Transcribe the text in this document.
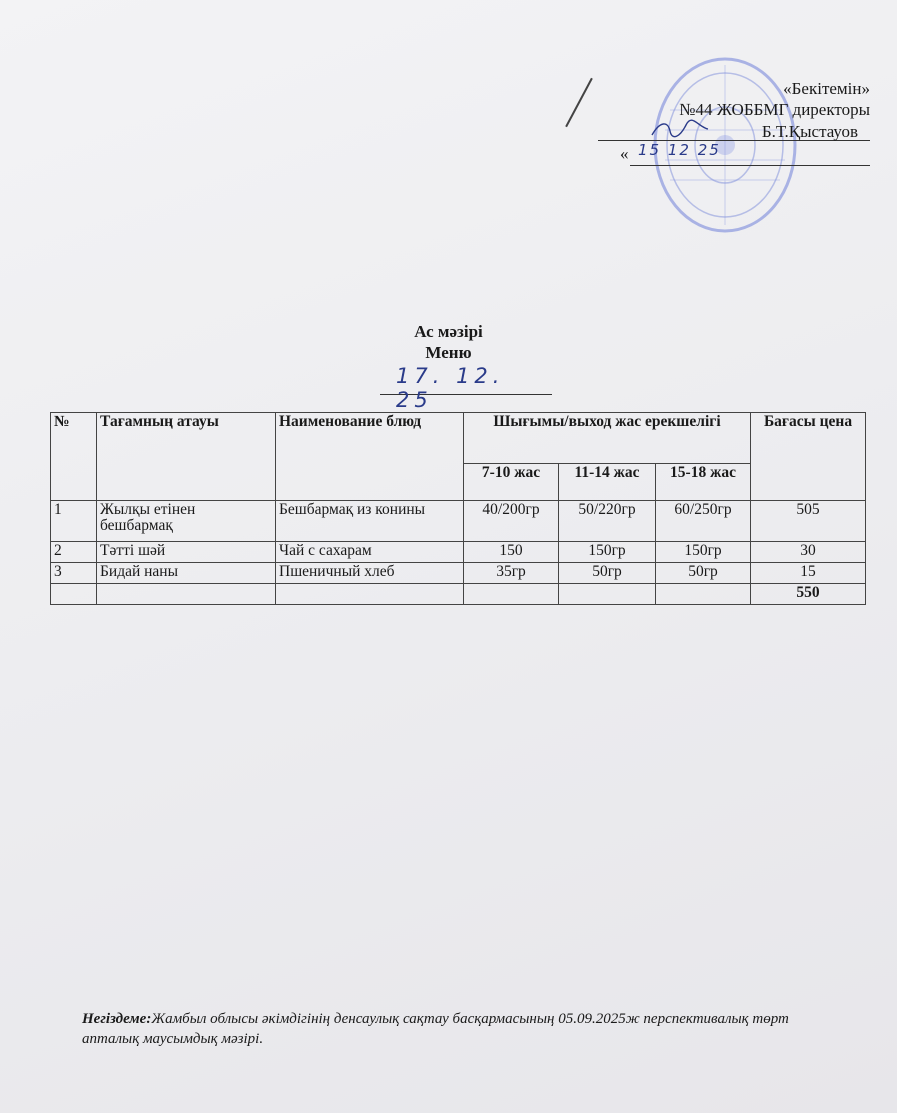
«Бекітемін»
№44 ЖОББМГ директоры
Б.Т.Қыстауов
« 15 12 25
Ас мәзірі
Меню
17. 12. 25
№	Тағамның атауы	Наименование блюд	Шығымы/выход жас ерекшелігі			Бағасы цена
			7-10 жас	11-14 жас	15-18 жас	
1	Жылқы етінен бешбармақ	Бешбармақ из конины	40/200гр	50/220гр	60/250гр	505
2	Тәтті шәй	Чай с сахарам	150	150гр	150гр	30
3	Бидай наны	Пшеничный хлеб	35гр	50гр	50гр	15
						550
Негіздеме:Жамбыл облысы әкімдігінің денсаулық сақтау басқармасының 05.09.2025ж перспективалық төрт апталық маусымдық мәзірі.
